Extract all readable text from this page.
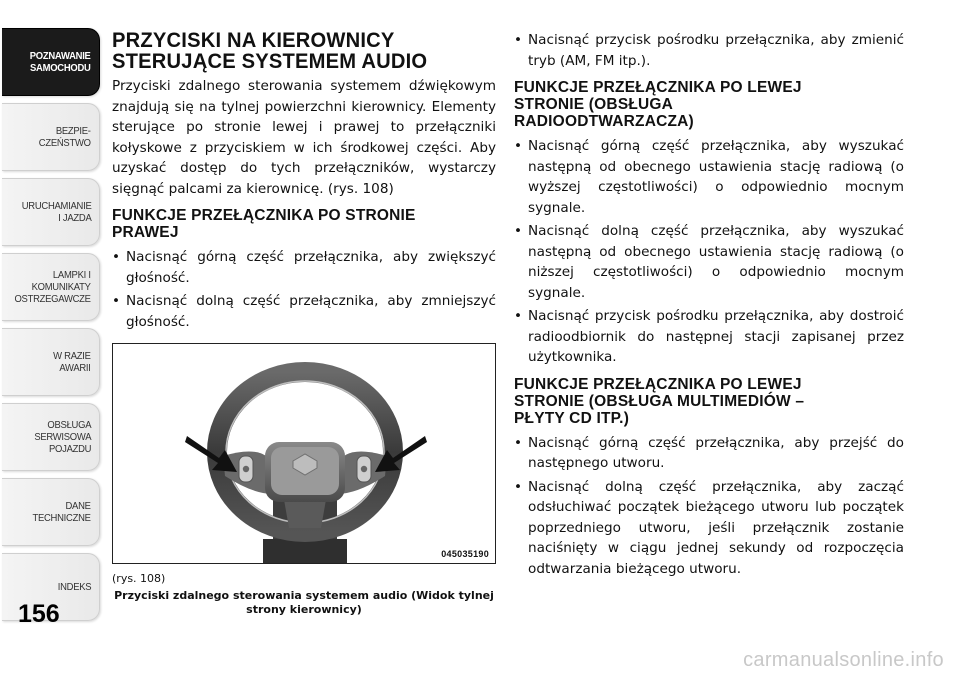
POZNAWANIE
SAMOCHODU
BEZPIE-
CZEŃSTWO
URUCHAMIANIE
I JAZDA
LAMPKI I
KOMUNIKATY
OSTRZEGAWCZE
W RAZIE
AWARII
OBSŁUGA
SERWISOWA
POJAZDU
DANE
TECHNICZNE
INDEKS
156
PRZYCISKI NA KIEROWNICY
STERUJĄCE SYSTEMEM AUDIO

Przyciski zdalnego sterowania systemem dźwiękowym znajdują się na tylnej powierzchni kierownicy. Elementy sterujące po stronie lewej i prawej to przełączniki kołyskowe z przyciskiem w ich środkowej części. Aby uzyskać dostęp do tych przełączników, wystarczy sięgnąć palcami za kierownicę. (rys. 108)

FUNKCJE PRZEŁĄCZNIKA PO STRONIE
PRAWEJ
• Nacisnąć górną część przełącznika, aby zwiększyć głośność.
• Nacisnąć dolną część przełącznika, aby zmniejszyć głośność.
045035190
(rys. 108)
Przyciski zdalnego sterowania systemem audio (Widok tylnej strony kierownicy)
• Nacisnąć przycisk pośrodku przełącznika, aby zmienić tryb (AM, FM itp.).
FUNKCJE PRZEŁĄCZNIKA PO LEWEJ
STRONIE (OBSŁUGA
RADIOODTWARZACZA)
• Nacisnąć górną część przełącznika, aby wyszukać następną od obecnego ustawienia stację radiową (o wyższej częstotliwości) o odpowiednio mocnym sygnale.
• Nacisnąć dolną część przełącznika, aby wyszukać następną od obecnego ustawienia stację radiową (o niższej częstotliwości) o odpowiednio mocnym sygnale.
• Nacisnąć przycisk pośrodku przełącznika, aby dostroić radioodbiornik do następnej stacji zapisanej przez użytkownika.
FUNKCJE PRZEŁĄCZNIKA PO LEWEJ
STRONIE (OBSŁUGA MULTIMEDIÓW –
PŁYTY CD ITP.)
• Nacisnąć górną część przełącznika, aby przejść do następnego utworu.
• Nacisnąć dolną część przełącznika, aby zacząć odsłuchiwać początek bieżącego utworu lub początek poprzedniego utworu, jeśli przełącznik zostanie naciśnięty w ciągu jednej sekundy od rozpoczęcia odtwarzania bieżącego utworu.
carmanualsonline.info
